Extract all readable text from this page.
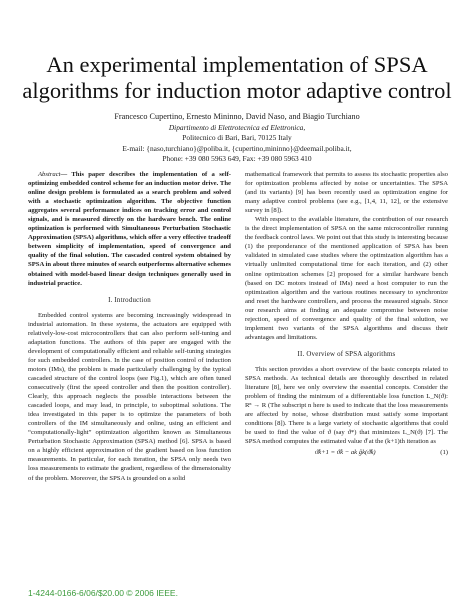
An experimental implementation of SPSA
algorithms for induction motor adaptive control
Francesco Cupertino, Ernesto Mininno, David Naso, and Biagio Turchiano
Dipartimento di Elettrotecnica ed Elettronica,
Politecnico di Bari, Bari, 70125 Italy
E-mail: {naso,turchiano}@poliba.it, {cupertino,mininno}@deemail.poliba.it,
Phone: +39 080 5963 649, Fax: +39 080 5963 410

Abstract— This paper describes the implementation of a self-optimizing embedded control scheme for an induction motor drive. The online design problem is formulated as a search problem and solved with a stochastic optimization algorithm. The objective function aggregates several performance indices on tracking error and control signals, and is measured directly on the hardware bench. The online optimization is performed with Simultaneous Perturbation Stochastic Approximation (SPSA) algorithms, which offer a very effective tradeoff between simplicity of implementation, speed of convergence and quality of the final solution. The cascaded control system obtained by SPSA in about three minutes of search outperforms alternative schemes obtained with model-based linear design techniques generally used in industrial practice.

I. Introduction

Embedded control systems are becoming increasingly widespread in industrial automation. In these systems, the actuators are equipped with relatively-low-cost microcontrollers that can also perform self-tuning and adaptation functions. The authors of this paper are engaged with the development of computationally efficient and reliable self-tuning strategies for such embedded controllers. In the case of position control of induction motors (IMs), the problem is made particularly challenging by the typical cascaded structure of the control loops (see Fig.1), which are often tuned consecutively (first the speed controller and then the position controller). Clearly, this approach neglects the possible interactions between the cascaded loops, and may lead, in principle, to suboptimal solutions. The idea investigated in this paper is to optimize the parameters of both controllers of the IM simultaneously and online, using an efficient and “computationally-light” optimization algorithm known as Simultaneous Perturbation Stochastic Approximation (SPSA) method [6]. SPSA is based on a highly efficient approximation of the gradient based on loss function measurements. In particular, for each iteration, the SPSA only needs two loss measurements to estimate the gradient, regardless of the dimensionality of the problem. Moreover, the SPSA is grounded on a solid

mathematical framework that permits to assess its stochastic properties also for optimization problems affected by noise or uncertainties. The SPSA (and its variants) [9] has been recently used as optimization engine for many adaptive control problems (see e.g., [1,4, 11, 12], or the extensive survey in [8]).

With respect to the available literature, the contribution of our research is the direct implementation of SPSA on the same microcontroller running the feedback control laws. We point out that this study is interesting because (1) the preponderance of the mentioned application of SPSA has been validated in simulated case studies where the optimization algorithm has a virtually unlimited computational time for each iteration, and (2) other online optimization schemes [2] proposed for a similar hardware bench (based on DC motors instead of IMs) need a host computer to run the optimization algorithm and the various routines necessary to synchronize and reset the hardware controllers, and process the measured signals. Since our research aims at finding an adequate compromise between noise rejection, speed of convergence and quality of the final solution, we implement two variants of the SPSA algorithms and discuss their advantages and limitations.

II. Overview of SPSA algorithms

This section provides a short overview of the basic concepts related to SPSA methods. As technical details are thoroughly described in related literature [8], here we only overview the essential concepts. Consider the problem of finding the minimum of a differentiable loss function L_N(ϑ): Rⁿ → R (The subscript n here is used to indicate that the loss measurements are affected by noise, whose distribution must satisfy some important conditions [8]). There is a large variety of stochastic algorithms that could be used to find the value of ϑ (say ϑ*) that minimizes L_N(ϑ) [7]. The SPSA method computes the estimated value ϑ̂ at the (k+1)th iteration as

ϑ̂k+1 = ϑ̂k − ak ĝk(ϑ̂k)	(1)
1-4244-0166-6/06/$20.00 © 2006 IEEE.
